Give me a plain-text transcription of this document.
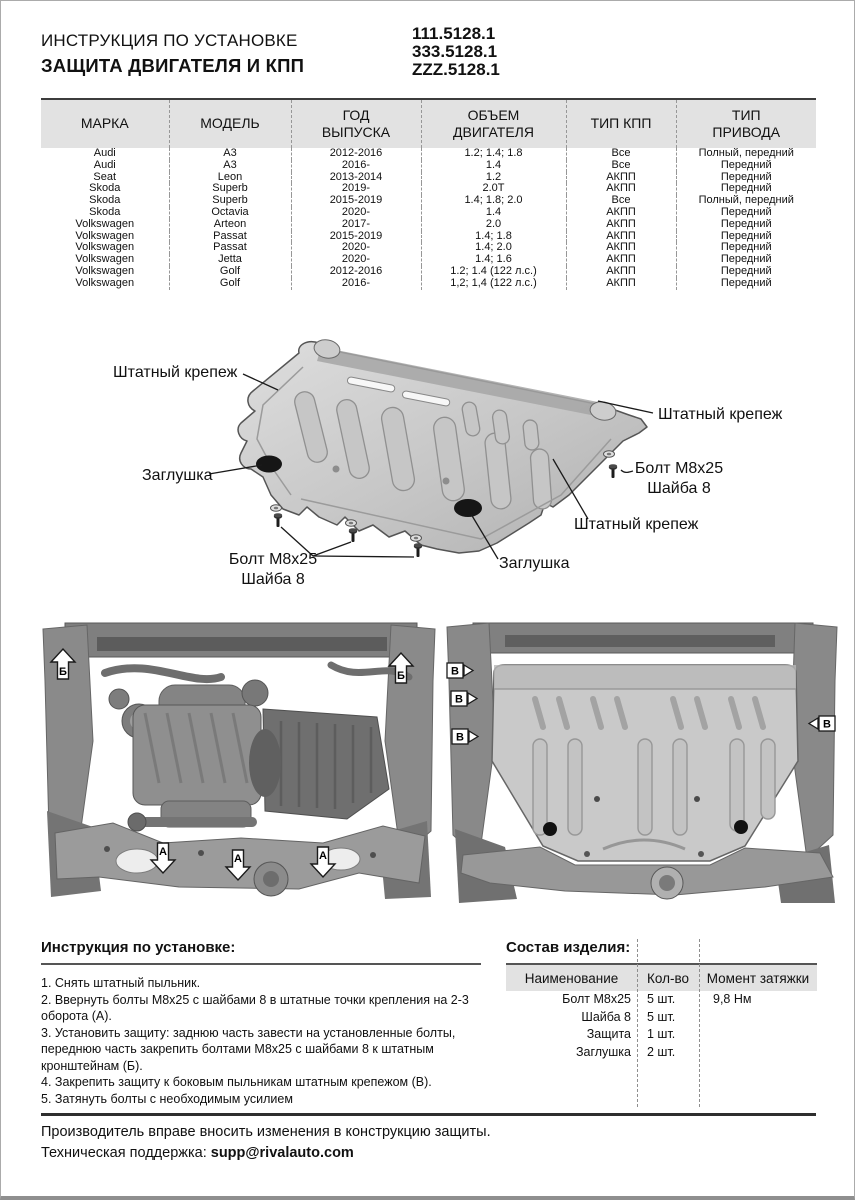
ИНСТРУКЦИЯ ПО УСТАНОВКЕ
ЗАЩИТА ДВИГАТЕЛЯ И КПП
111.5128.1
333.5128.1
ZZZ.5128.1
МАРКА	МОДЕЛЬ	ГОД ВЫПУСКА	ОБЪЕМ ДВИГАТЕЛЯ	ТИП КПП	ТИП ПРИВОДА
Audi	A3	2012-2016	1.2; 1.4; 1.8	Все	Полный, передний
Audi	A3	2016-	1.4	Все	Передний
Seat	Leon	2013-2014	1.2	АКПП	Передний
Skoda	Superb	2019-	2.0T	АКПП	Передний
Skoda	Superb	2015-2019	1.4; 1.8; 2.0	Все	Полный, передний
Skoda	Octavia	2020-	1.4	АКПП	Передний
Volkswagen	Arteon	2017-	2.0	АКПП	Передний
Volkswagen	Passat	2015-2019	1.4; 1.8	АКПП	Передний
Volkswagen	Passat	2020-	1.4; 2.0	АКПП	Передний
Volkswagen	Jetta	2020-	1.4; 1.6	АКПП	Передний
Volkswagen	Golf	2012-2016	1.2; 1.4 (122 л.с.)	АКПП	Передний
Volkswagen	Golf	2016-	1,2; 1,4 (122 л.с.)	АКПП	Передний
Штатный крепеж
Заглушка
Штатный крепеж
Болт М8х25
Шайба 8
Штатный крепеж
Болт М8х25
Шайба 8
Заглушка
Б	Б
А
А	А
В
В
В
В
Инструкция по установке:
1. Снять штатный пыльник.
2. Ввернуть болты М8х25 с шайбами 8 в штатные точки крепления на 2-3 оборота (А).
3. Установить защиту: заднюю часть завести на установленные болты, переднюю часть закрепить болтами М8х25 с шайбами 8 к штатным кронштейнам (Б).
4. Закрепить защиту к боковым пыльникам штатным крепежом (В).
5. Затянуть болты с необходимым усилием
Состав изделия:
Наименование	Кол-во	Момент затяжки
Болт М8х25	5 шт.	9,8 Нм
Шайба 8	5 шт.	
Защита	1 шт.	
Заглушка	2 шт.	
Производитель вправе вносить изменения в конструкцию защиты.
Техническая поддержка: supp@rivalauto.com
